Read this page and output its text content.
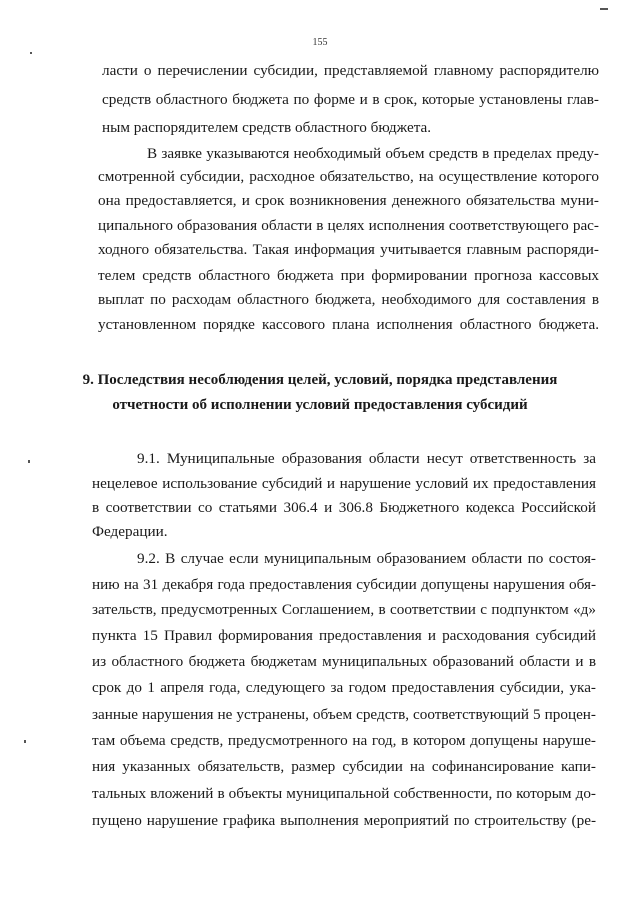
155

ласти о перечислении субсидии, представляемой главному распорядителю

средств областного бюджета по форме и в срок, которые установлены глав-

ным распорядителем средств областного бюджета.

В заявке указываются необходимый объем средств в пределах преду-

смотренной субсидии, расходное обязательство, на осуществление которого

она предоставляется, и срок возникновения денежного обязательства муни-

ципального образования области в целях исполнения соответствующего рас-

ходного обязательства. Такая информация учитывается главным распоряди-

телем средств областного бюджета при формировании прогноза кассовых

выплат по расходам областного бюджета, необходимого для составления в

установленном порядке кассового плана исполнения областного бюджета.

9. Последствия несоблюдения целей, условий, порядка представления

отчетности об исполнении условий предоставления субсидий

9.1. Муниципальные образования области несут ответственность за

нецелевое использование субсидий и нарушение условий их предоставления

в соответствии со статьями 306.4 и 306.8 Бюджетного кодекса Российской

Федерации.

9.2. В случае если муниципальным образованием области по состоя-

нию на 31 декабря года предоставления субсидии допущены нарушения обя-

зательств, предусмотренных Соглашением, в соответствии с подпунктом «д»

пункта 15 Правил формирования предоставления и расходования субсидий

из областного бюджета бюджетам муниципальных образований области и в

срок до 1 апреля года, следующего за годом предоставления субсидии, ука-

занные нарушения не устранены, объем средств, соответствующий 5 процен-

там объема средств, предусмотренного на год, в котором допущены наруше-

ния указанных обязательств, размер субсидии на софинансирование капи-

тальных вложений в объекты муниципальной собственности, по которым до-

пущено нарушение графика выполнения мероприятий по строительству (ре-
